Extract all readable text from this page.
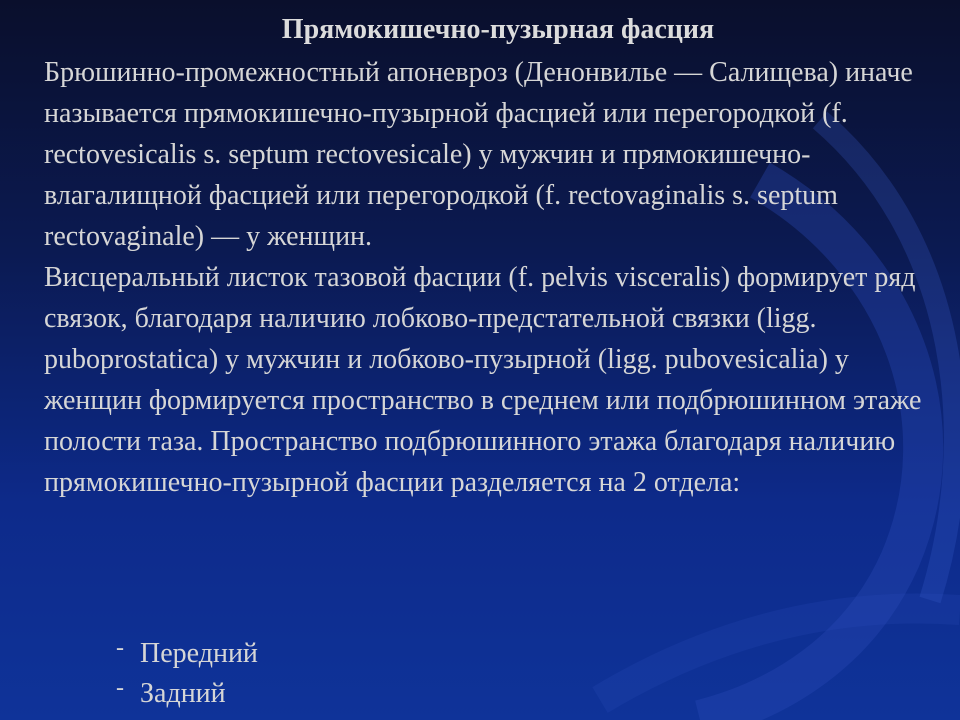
Прямокишечно-пузырная фасция

Брюшинно-промежностный апоневроз (Денонвилье — Салищева) иначе называется прямокишечно-пузырной фасцией или перегородкой (f. rectovesicalis s. septum rectovesicale) у мужчин и прямокишечно-влагалищной фасцией или перегородкой (f. rectovaginalis s. septum rectovaginale) — у женщин.

Висцеральный листок тазовой фасции (f. pelvis visceralis) формирует ряд связок, благодаря наличию лобково-предстательной связки (ligg. puboprostatica) у мужчин и лобково-пузырной (ligg. pubovesicalia) у женщин формируется пространство в среднем или подбрюшинном этаже полости таза. Пространство подбрюшинного этажа благодаря наличию прямокишечно-пузырной фасции разделяется на 2 отдела:

- Передний
- Задний
